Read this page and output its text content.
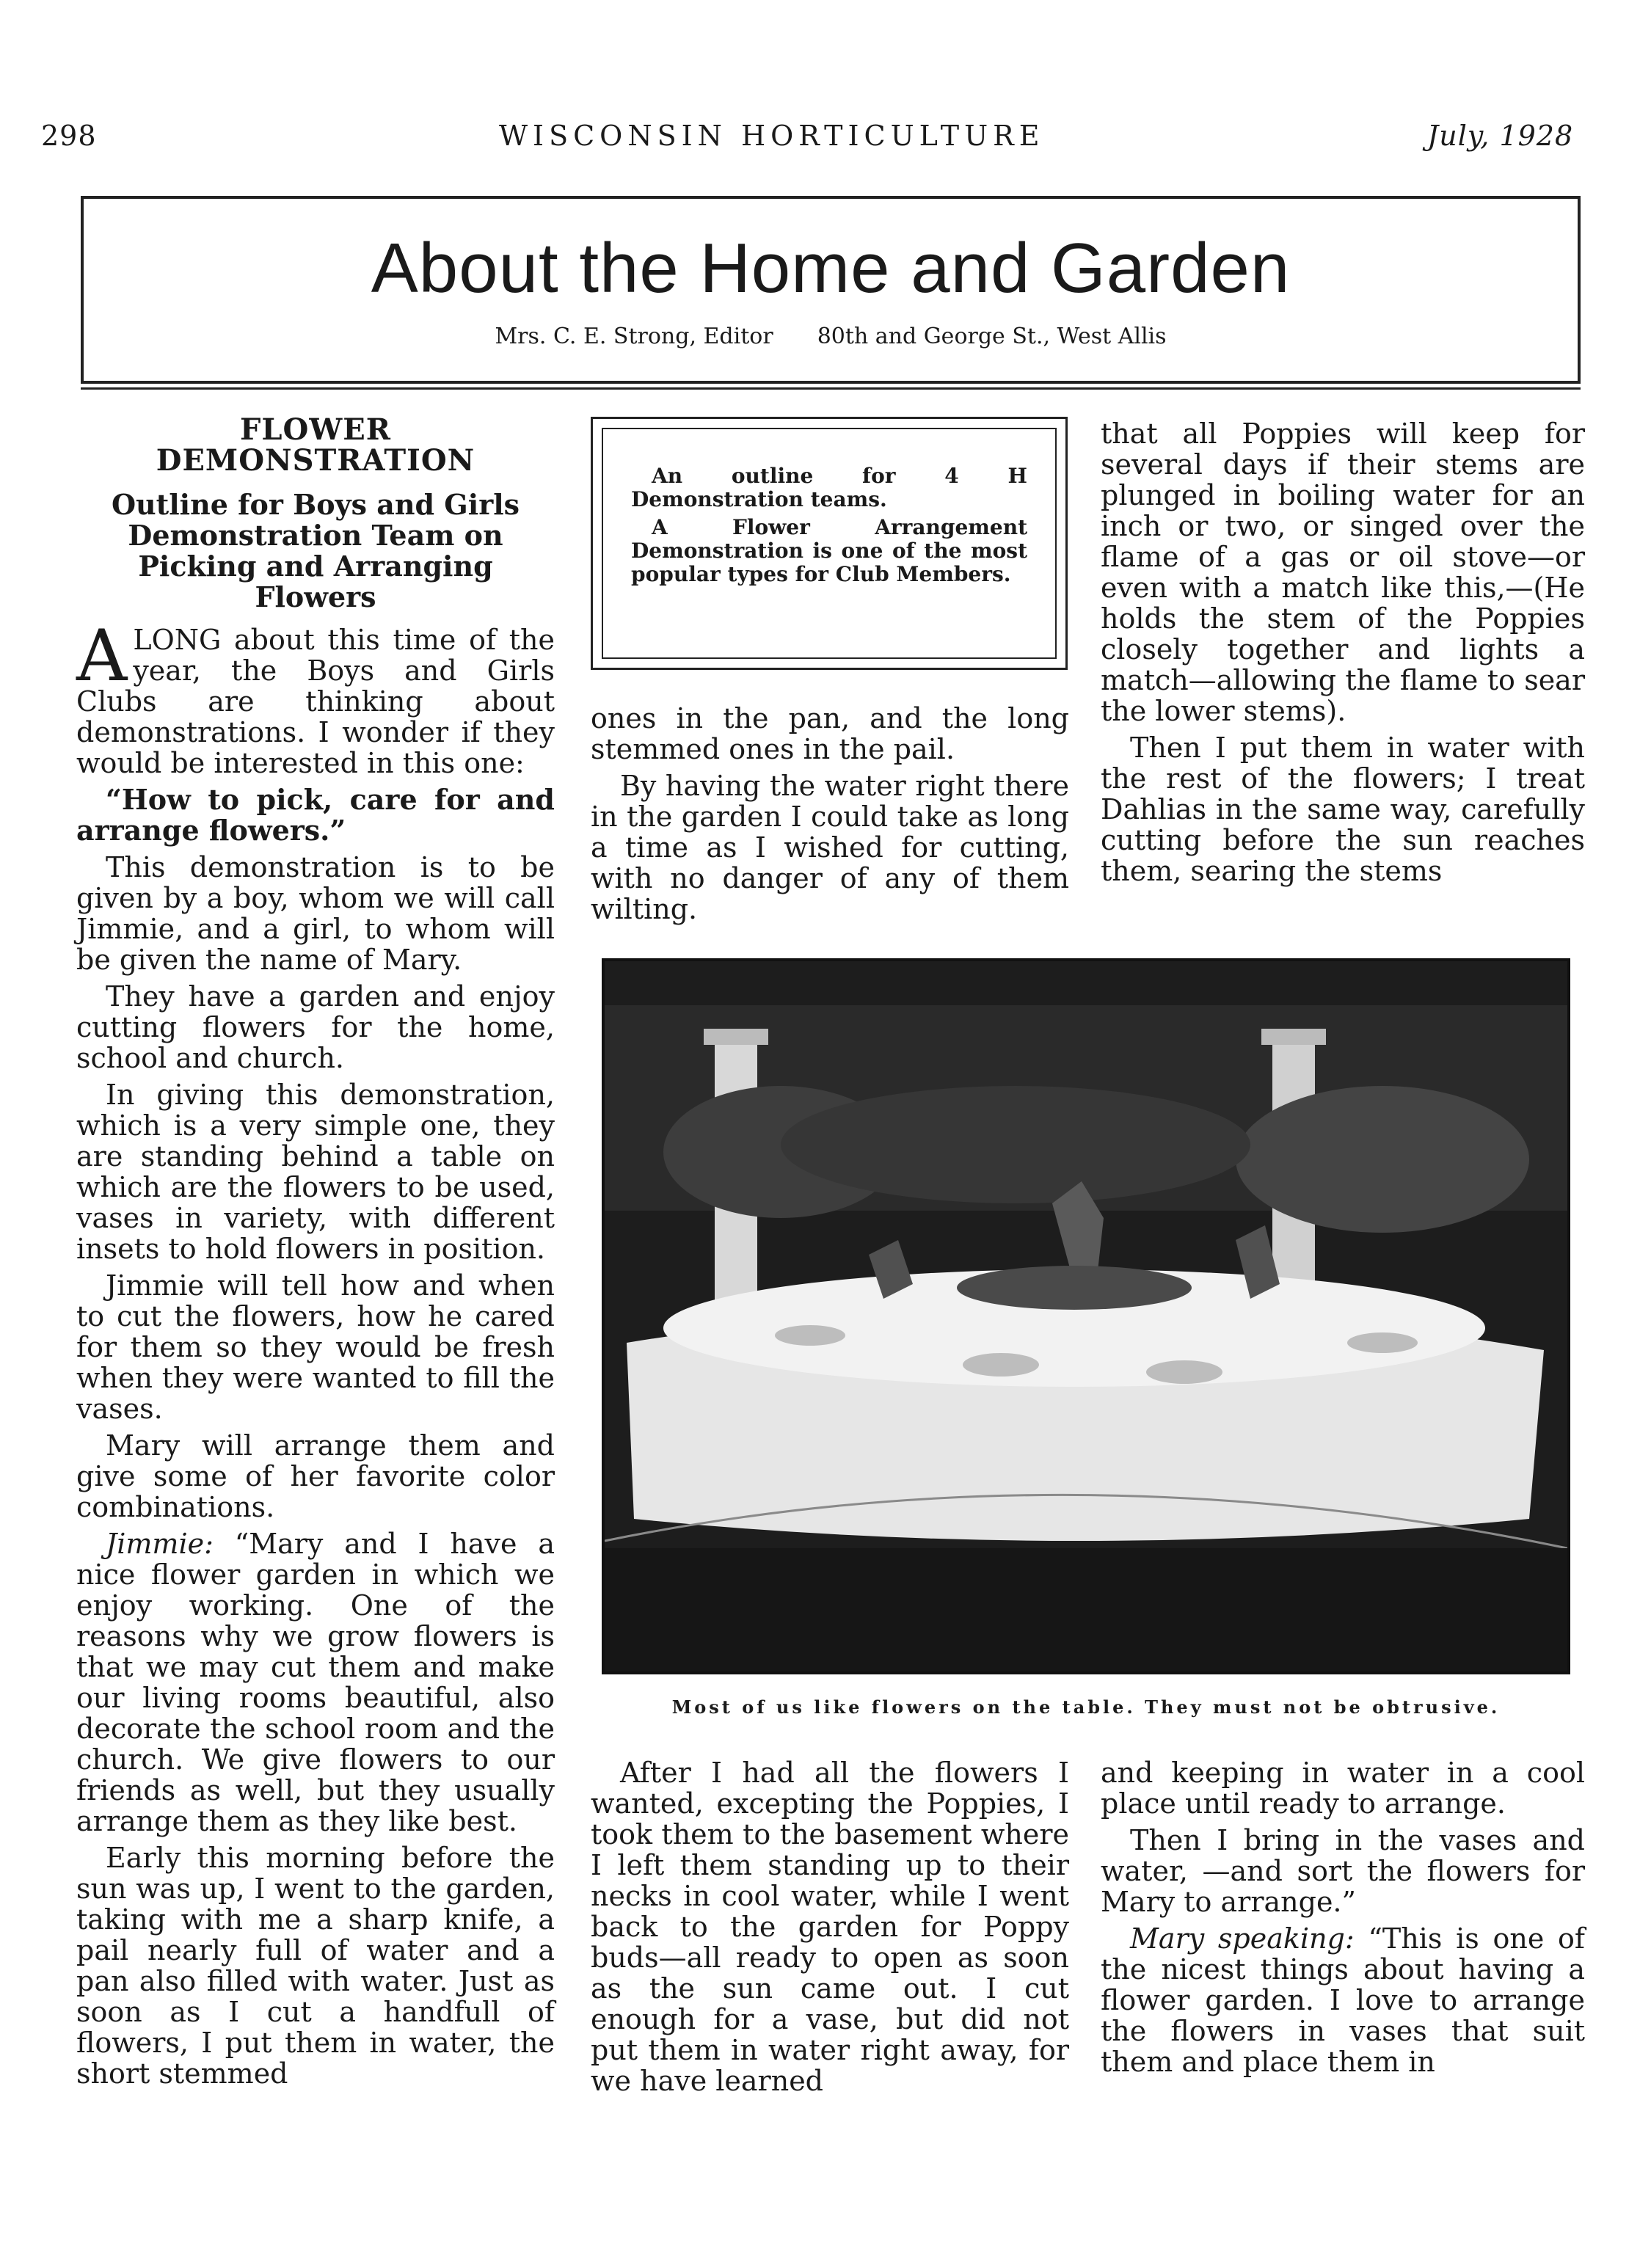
298	WISCONSIN HORTICULTURE	July, 1928
About the Home and Garden
Mrs. C. E. Strong, Editor 80th and George St., West Allis
FLOWER DEMONSTRATION
Outline for Boys and Girls Demonstration Team on Picking and Arranging Flowers

ALONG about this time of the year, the Boys and Girls Clubs are thinking about demonstrations. I wonder if they would be interested in this one:

“How to pick, care for and arrange flowers.”

This demonstration is to be given by a boy, whom we will call Jimmie, and a girl, to whom will be given the name of Mary.

They have a garden and enjoy cutting flowers for the home, school and church.

In giving this demonstration, which is a very simple one, they are standing behind a table on which are the flowers to be used, vases in variety, with different insets to hold flowers in position.

Jimmie will tell how and when to cut the flowers, how he cared for them so they would be fresh when they were wanted to fill the vases.

Mary will arrange them and give some of her favorite color combinations.

Jimmie: “Mary and I have a nice flower garden in which we enjoy working. One of the reasons why we grow flowers is that we may cut them and make our living rooms beautiful, also decorate the school room and the church. We give flowers to our friends as well, but they usually arrange them as they like best.

Early this morning before the sun was up, I went to the garden, taking with me a sharp knife, a pail nearly full of water and a pan also filled with water. Just as soon as I cut a handfull of flowers, I put them in water, the short stemmed

An outline for 4 H Demonstration teams.

A Flower Arrangement Demonstration is one of the most popular types for Club Members.

ones in the pan, and the long stemmed ones in the pail.

By having the water right there in the garden I could take as long a time as I wished for cutting, with no danger of any of them wilting.

that all Poppies will keep for several days if their stems are plunged in boiling water for an inch or two, or singed over the flame of a gas or oil stove—or even with a match like this,—(He holds the stem of the Poppies closely together and lights a match—allowing the flame to sear the lower stems).

Then I put them in water with the rest of the flowers; I treat Dahlias in the same way, carefully cutting before the sun reaches them, searing the stems

Most of us like flowers on the table. They must not be obtrusive.

After I had all the flowers I wanted, excepting the Poppies, I took them to the basement where I left them standing up to their necks in cool water, while I went back to the garden for Poppy buds—all ready to open as soon as the sun came out. I cut enough for a vase, but did not put them in water right away, for we have learned

and keeping in water in a cool place until ready to arrange.

Then I bring in the vases and water, —and sort the flowers for Mary to arrange.”

Mary speaking: “This is one of the nicest things about having a flower garden. I love to arrange the flowers in vases that suit them and place them in
